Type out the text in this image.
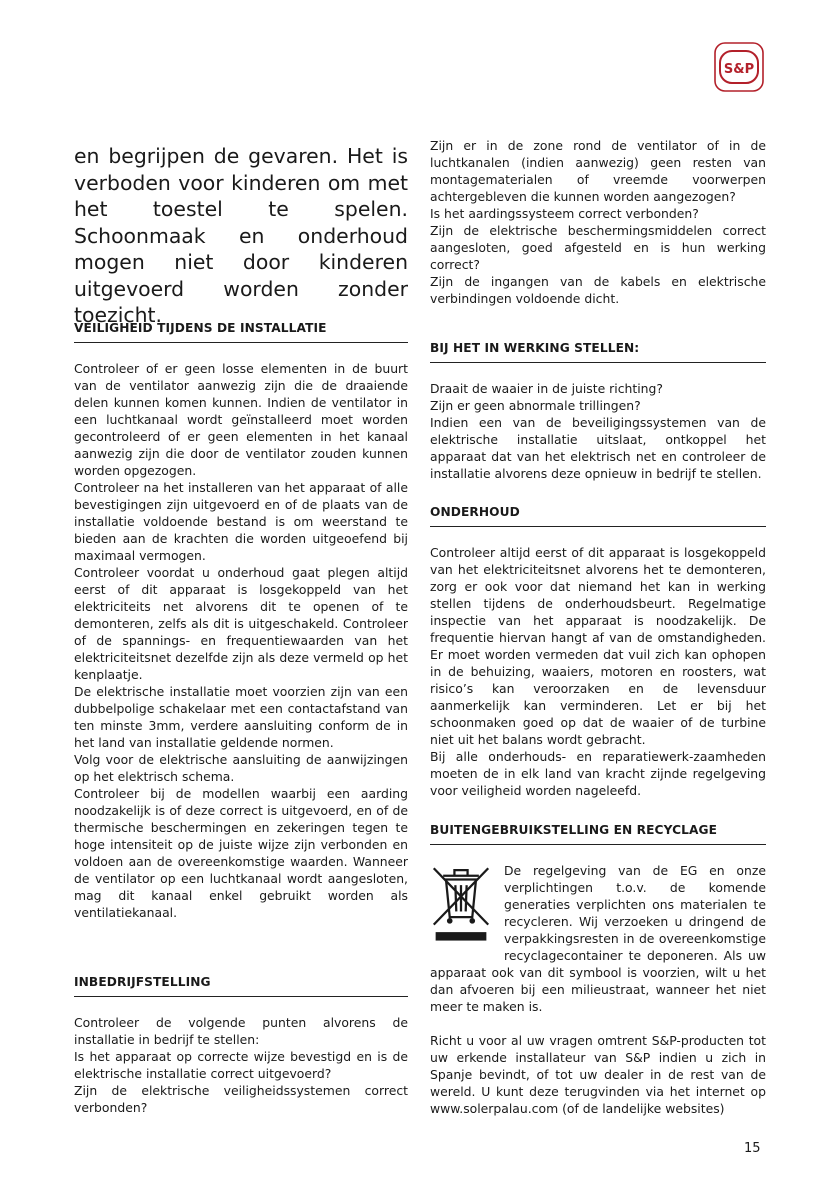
S&P

en begrijpen de gevaren. Het is verboden voor kinderen om met het toestel te spelen. Schoonmaak en onderhoud mogen niet door kinderen uitgevoerd worden zonder toezicht.

VEILIGHEID TIJDENS DE INSTALLATIE

Controleer of er geen losse elementen in de buurt van de ventilator aanwezig zijn die de draaiende delen kunnen komen kunnen. Indien de ventilator in een luchtkanaal wordt geïnstalleerd moet worden gecontroleerd of er geen elementen in het kanaal aanwezig zijn die door de ventilator zouden kunnen worden opgezogen.

Controleer na het installeren van het apparaat of alle bevestigingen zijn uitgevoerd en of de plaats van de installatie voldoende bestand is om weerstand te bieden aan de krachten die worden uitgeoefend bij maximaal vermogen.

Controleer voordat u onderhoud gaat plegen altijd eerst of dit apparaat is losgekoppeld van het elektriciteits net alvorens dit te openen of te demonteren, zelfs als dit is uitgeschakeld. Controleer of de spannings- en frequentiewaarden van het elektriciteitsnet dezelfde zijn als deze vermeld op het kenplaatje.

De elektrische installatie moet voorzien zijn van een dubbelpolige schakelaar met een contactafstand van ten minste 3mm, verdere aansluiting conform de in het land van installatie geldende normen.

Volg voor de elektrische aansluiting de aanwijzingen op het elektrisch schema.

Controleer bij de modellen waarbij een aarding noodzakelijk is of deze correct is uitgevoerd, en of de thermische beschermingen en zekeringen tegen te hoge intensiteit op de juiste wijze zijn verbonden en voldoen aan de overeenkomstige waarden. Wanneer de ventilator op een luchtkanaal wordt aangesloten, mag dit kanaal enkel gebruikt worden als ventilatiekanaal.

INBEDRIJFSTELLING

Controleer de volgende punten alvorens de installatie in bedrijf te stellen:

Is het apparaat op correcte wijze bevestigd en is de elektrische installatie correct uitgevoerd?

Zijn de elektrische veiligheidssystemen correct verbonden?

Zijn er in de zone rond de ventilator of in de luchtkanalen (indien aanwezig) geen resten van montagematerialen of vreemde voorwerpen achtergebleven die kunnen worden aangezogen?

Is het aardingssysteem correct verbonden?

Zijn de elektrische beschermingsmiddelen correct aangesloten, goed afgesteld en is hun werking correct?

Zijn de ingangen van de kabels en elektrische verbindingen voldoende dicht.

BIJ HET IN WERKING STELLEN:

Draait de waaier in de juiste richting?

Zijn er geen abnormale trillingen?

Indien een van de beveiligingssystemen van de elektrische installatie uitslaat, ontkoppel het apparaat dat van het elektrisch net en controleer de installatie alvorens deze opnieuw in bedrijf te stellen.

ONDERHOUD

Controleer altijd eerst of dit apparaat is losgekoppeld van het elektriciteitsnet alvorens het te demonteren, zorg er ook voor dat niemand het kan in werking stellen tijdens de onderhoudsbeurt. Regelmatige inspectie van het apparaat is noodzakelijk. De frequentie hiervan hangt af van de omstandigheden. Er moet worden vermeden dat vuil zich kan ophopen in de behuizing, waaiers, motoren en roosters, wat risico’s kan veroorzaken en de levensduur aanmerkelijk kan verminderen. Let er bij het schoonmaken goed op dat de waaier of de turbine niet uit het balans wordt gebracht.

Bij alle onderhouds- en reparatiewerk-zaamheden moeten de in elk land van kracht zijnde regelgeving voor veiligheid worden nageleefd.

BUITENGEBRUIKSTELLING EN RECYCLAGE

De regelgeving van de EG en onze verplichtingen t.o.v. de komende generaties verplichten ons materialen te recycleren. Wij verzoeken u dringend de verpakkingsresten in de overeenkomstige recyclagecontainer te deponeren. Als uw apparaat ook van dit symbool is voorzien, wilt u het dan afvoeren bij een milieustraat, wanneer het niet meer te maken is.

Richt u voor al uw vragen omtrent S&P-producten tot uw erkende installateur van S&P indien u zich in Spanje bevindt, of tot uw dealer in de rest van de wereld. U kunt deze terugvinden via het internet op www.solerpalau.com (of de landelijke websites)

15
